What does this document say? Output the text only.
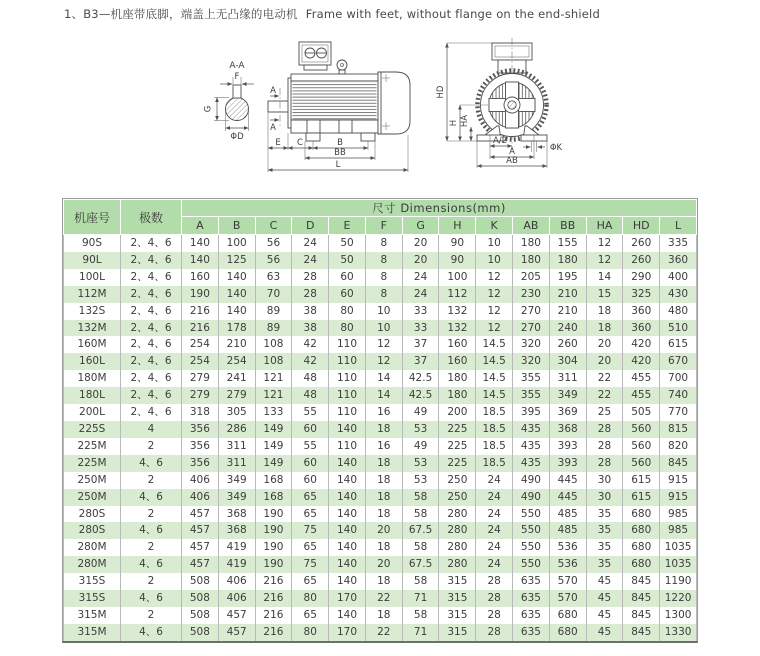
1、B3—机座带底脚，端盖上无凸缘的电动机 Frame with feet, without flange on the end-shield
A-A
F
G
ΦD
A
A
E C	B
BB
L
HD
H HA
A/2
A
AB
ΦK
机座号	极数	尺寸 Dimensions(mm)													
		A	B	C	D	E	F	G	H	K	AB	BB	HA	HD	L
90S	2、4、6	140	100	56	24	50	8	20	90	10	180	155	12	260	335
90L	2、4、6	140	125	56	24	50	8	20	90	10	180	180	12	260	360
100L	2、4、6	160	140	63	28	60	8	24	100	12	205	195	14	290	400
112M	2、4、6	190	140	70	28	60	8	24	112	12	230	210	15	325	430
132S	2、4、6	216	140	89	38	80	10	33	132	12	270	210	18	360	480
132M	2、4、6	216	178	89	38	80	10	33	132	12	270	240	18	360	510
160M	2、4、6	254	210	108	42	110	12	37	160	14.5	320	260	20	420	615
160L	2、4、6	254	254	108	42	110	12	37	160	14.5	320	304	20	420	670
180M	2、4、6	279	241	121	48	110	14	42.5	180	14.5	355	311	22	455	700
180L	2、4、6	279	279	121	48	110	14	42.5	180	14.5	355	349	22	455	740
200L	2、4、6	318	305	133	55	110	16	49	200	18.5	395	369	25	505	770
225S	4	356	286	149	60	140	18	53	225	18.5	435	368	28	560	815
225M	2	356	311	149	55	110	16	49	225	18.5	435	393	28	560	820
225M	4、6	356	311	149	60	140	18	53	225	18.5	435	393	28	560	845
250M	2	406	349	168	60	140	18	53	250	24	490	445	30	615	915
250M	4、6	406	349	168	65	140	18	58	250	24	490	445	30	615	915
280S	2	457	368	190	65	140	18	58	280	24	550	485	35	680	985
280S	4、6	457	368	190	75	140	20	67.5	280	24	550	485	35	680	985
280M	2	457	419	190	65	140	18	58	280	24	550	536	35	680	1035
280M	4、6	457	419	190	75	140	20	67.5	280	24	550	536	35	680	1035
315S	2	508	406	216	65	140	18	58	315	28	635	570	45	845	1190
315S	4、6	508	406	216	80	170	22	71	315	28	635	570	45	845	1220
315M	2	508	457	216	65	140	18	58	315	28	635	680	45	845	1300
315M	4、6	508	457	216	80	170	22	71	315	28	635	680	45	845	1330
